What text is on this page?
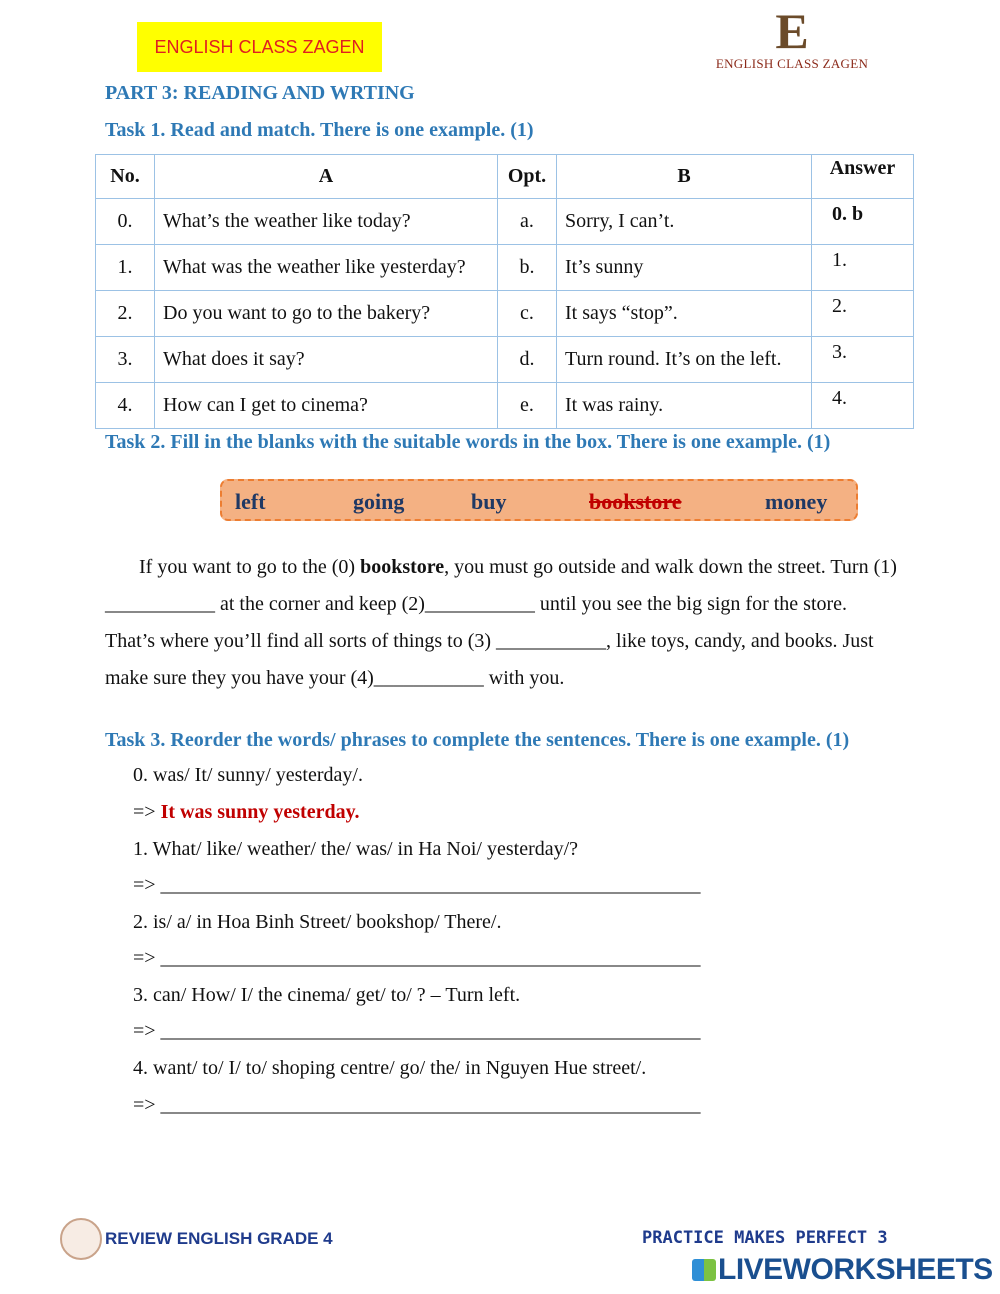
ENGLISH CLASS ZAGEN	E
ENGLISH CLASS ZAGEN
PART 3: READING AND WRTING
Task 1. Read and match. There is one example. (1)
No.	A	Opt.	B	Answer
0.	What’s the weather like today?	a.	Sorry, I can’t.	0. b
1.	What was the weather like yesterday?	b.	It’s sunny	1.
2.	Do you want to go to the bakery?	c.	It says “stop”.	2.
3.	What does it say?	d.	Turn round. It’s on the left.	3.
4.	How can I get to cinema?	e.	It was rainy.	4.
Task 2. Fill in the blanks with the suitable words in the box. There is one example. (1)
left	going	buy	bookstore	money
If you want to go to the (0) bookstore, you must go outside and walk down the street. Turn (1)
___________ at the corner and keep (2)___________ until you see the big sign for the store.
That’s where you’ll find all sorts of things to (3) ___________, like toys, candy, and books. Just
make sure they you have your (4)___________ with you.
Task 3. Reorder the words/ phrases to complete the sentences. There is one example. (1)
0. was/ It/ sunny/ yesterday/.
=> It was sunny yesterday.
1. What/ like/ weather/ the/ was/ in Ha Noi/ yesterday/?
=> ______________________________________________________
2. is/ a/ in Hoa Binh Street/ bookshop/ There/.
=> ______________________________________________________
3. can/ How/ I/ the cinema/ get/ to/ ? – Turn left.
=> ______________________________________________________
4. want/ to/ I/ to/ shoping centre/ go/ the/ in Nguyen Hue street/.
=> ______________________________________________________
REVIEW ENGLISH GRADE 4	PRACTICE MAKES PERFECT 3
LIVEWORKSHEETS
